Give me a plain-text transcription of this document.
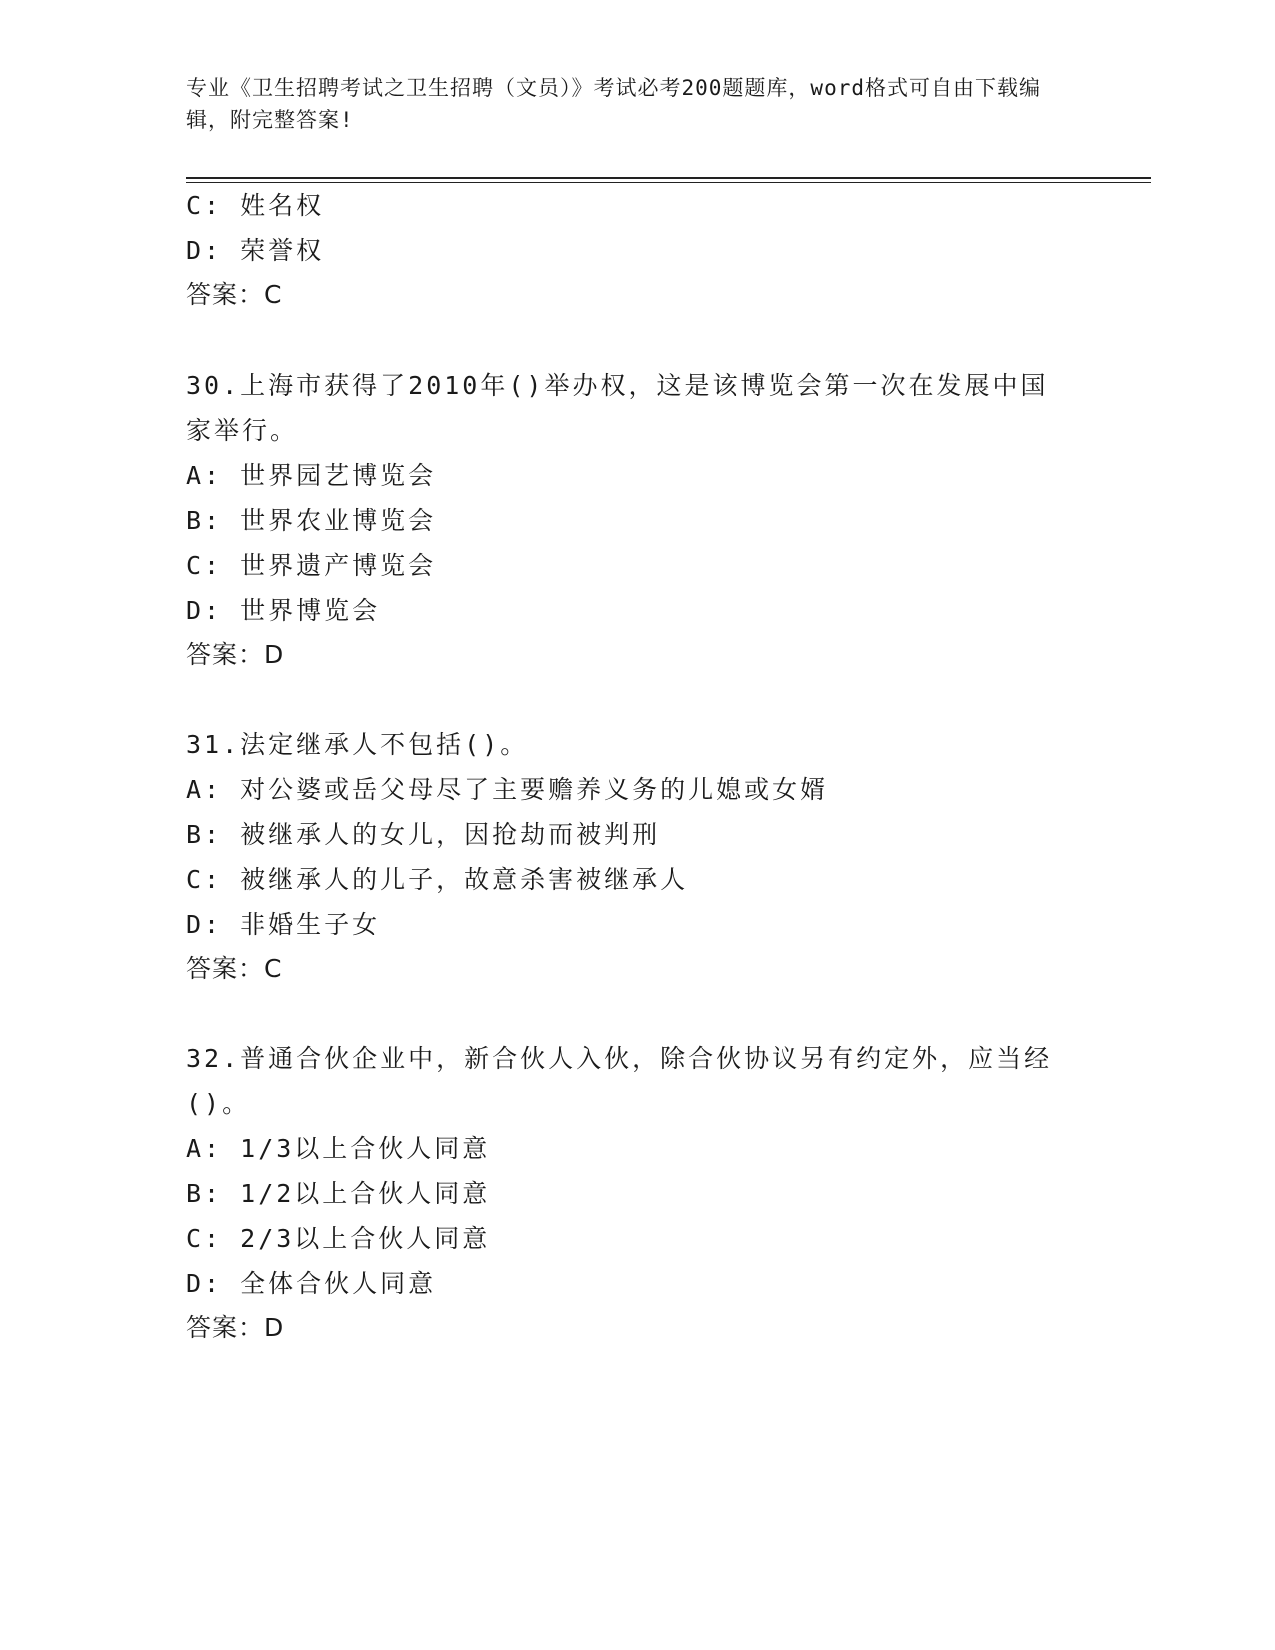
专业《卫生招聘考试之卫生招聘（文员）》考试必考200题题库，word格式可自由下载编辑，附完整答案!
C: 姓名权
D: 荣誉权
答案：C
30.上海市获得了2010年()举办权，这是该博览会第一次在发展中国
家举行。
A: 世界园艺博览会
B: 世界农业博览会
C: 世界遗产博览会
D: 世界博览会
答案：D
31.法定继承人不包括()。
A: 对公婆或岳父母尽了主要赡养义务的儿媳或女婿
B: 被继承人的女儿，因抢劫而被判刑
C: 被继承人的儿子，故意杀害被继承人
D: 非婚生子女
答案：C
32.普通合伙企业中，新合伙人入伙，除合伙协议另有约定外，应当经
()。
A: 1/3以上合伙人同意
B: 1/2以上合伙人同意
C: 2/3以上合伙人同意
D: 全体合伙人同意
答案：D
